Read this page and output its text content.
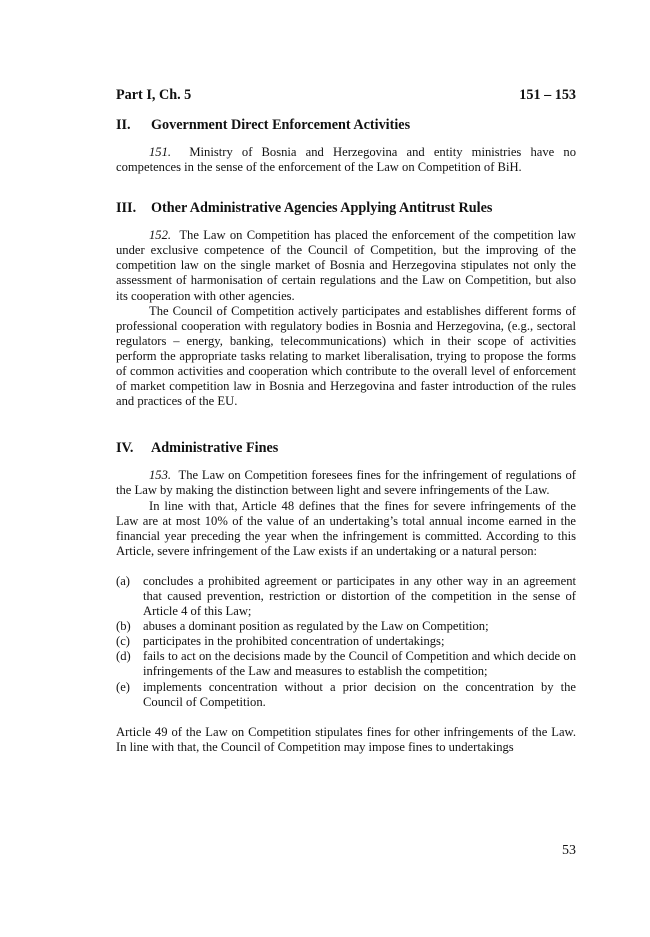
Part I, Ch. 5	151 – 153
II.	Government Direct Enforcement Activities

151. Ministry of Bosnia and Herzegovina and entity ministries have no competences in the sense of the enforcement of the Law on Competition of BiH.

III.	Other Administrative Agencies Applying Antitrust Rules

152. The Law on Competition has placed the enforcement of the competition law under exclusive competence of the Council of Competition, but the improving of the competition law on the single market of Bosnia and Herzegovina stipulates not only the assessment of harmonisation of certain regulations and the Law on Competition, but also its cooperation with other agencies.

The Council of Competition actively participates and establishes different forms of professional cooperation with regulatory bodies in Bosnia and Herzegovina, (e.g., sectoral regulators – energy, banking, telecommunications) which in their scope of activities perform the appropriate tasks relating to market liberalisation, trying to propose the forms of common activities and cooperation which contribute to the overall level of enforcement of market competition law in Bosnia and Herzegovina and faster introduction of the rules and practices of the EU.

IV.	Administrative Fines

153. The Law on Competition foresees fines for the infringement of regulations of the Law by making the distinction between light and severe infringements of the Law.

In line with that, Article 48 defines that the fines for severe infringements of the Law are at most 10% of the value of an undertaking’s total annual income earned in the financial year preceding the year when the infringement is committed. According to this Article, severe infringement of the Law exists if an undertaking or a natural person:

(a)	concludes a prohibited agreement or participates in any other way in an agreement that caused prevention, restriction or distortion of the competition in the sense of Article 4 of this Law;
(b) abuses a dominant position as regulated by the Law on Competition;
(c)	participates in the prohibited concentration of undertakings;
(d) fails to act on the decisions made by the Council of Competition and which decide on infringements of the Law and measures to establish the competition;
(e)	implements concentration without a prior decision on the concentration by the Council of Competition.

Article 49 of the Law on Competition stipulates fines for other infringements of the Law. In line with that, the Council of Competition may impose fines to undertakings

53
